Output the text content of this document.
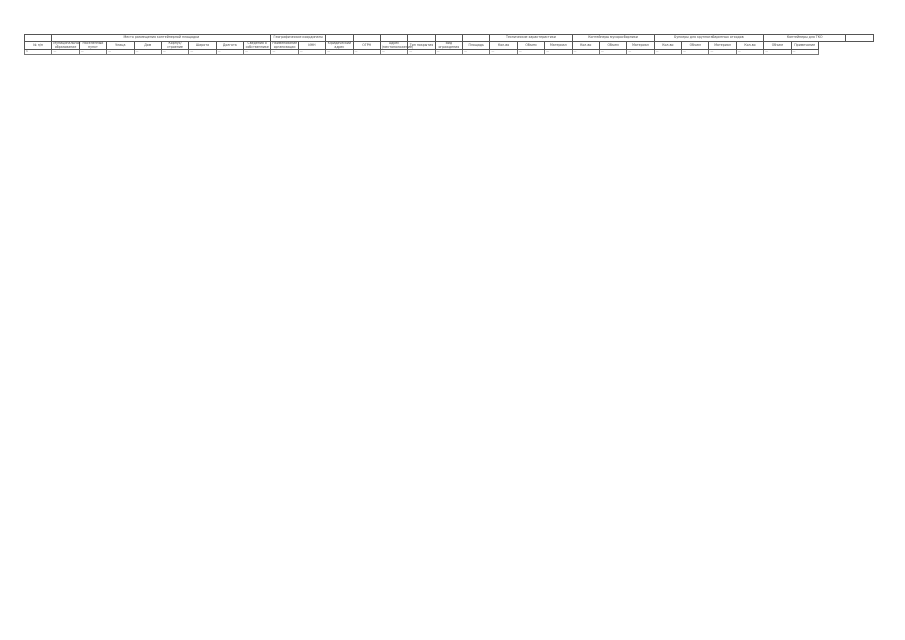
	Место размещения контейнерной площадки								Географические координаты								Технические характеристики			Контейнеры мусоросборники			Бункеры для крупногабаритных отходов				Контейнеры для ТКО		
№ п/п	Муниципальное образование	Населенный пункт	Улица	Дом	Корпус/строение	Широта	Долгота	Сведения о собственнике	Наименование организации	ИНН	Юридический адрес	ОГРН	Адрес (местоположение)	Тип покрытия	Вид ограждения	Площадь	Кол-во	Объем	Материал	Кол-во	Объем	Материал	Кол-во	Объем	Материал	Кол-во	Объем	Примечание	
1	—	—	—	—	—	—	—	—	—	—	—	—	—	—	—	—	—	—	—	—	—	—	—	—	—	—	—	—	
